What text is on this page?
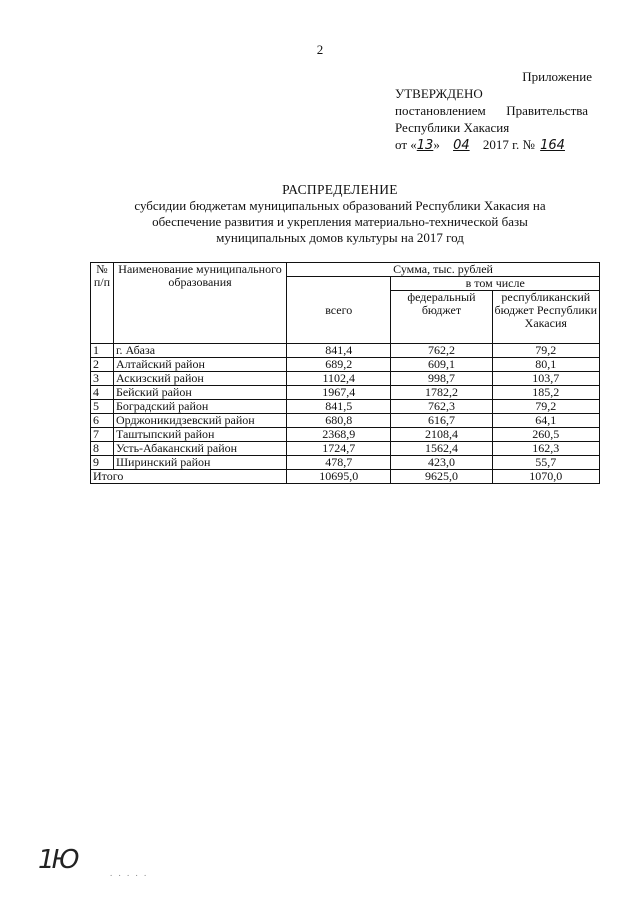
2
Приложение
УТВЕРЖДЕНО
постановлением Правительства
Республики Хакасия
от «13» 04 2017 г. № 164
РАСПРЕДЕЛЕНИЕ
субсидии бюджетам муниципальных образований Республики Хакасия на
обеспечение развития и укрепления материально-технической базы
муниципальных домов культуры на 2017 год
№ п/п	Наименование муниципального образования	Сумма, тыс. рублей		
		всего	в том числе	
			федеральный бюджет	республиканский бюджет Республики Хакасия
1	г. Абаза	841,4	762,2	79,2
2	Алтайский район	689,2	609,1	80,1
3	Аскизский район	1102,4	998,7	103,7
4	Бейский район	1967,4	1782,2	185,2
5	Боградский район	841,5	762,3	79,2
6	Орджоникидзевский район	680,8	616,7	64,1
7	Таштыпский район	2368,9	2108,4	260,5
8	Усть-Абаканский район	1724,7	1562,4	162,3
9	Ширинский район	478,7	423,0	55,7
Итого		10695,0	9625,0	1070,0
1Ю	. . . . .
